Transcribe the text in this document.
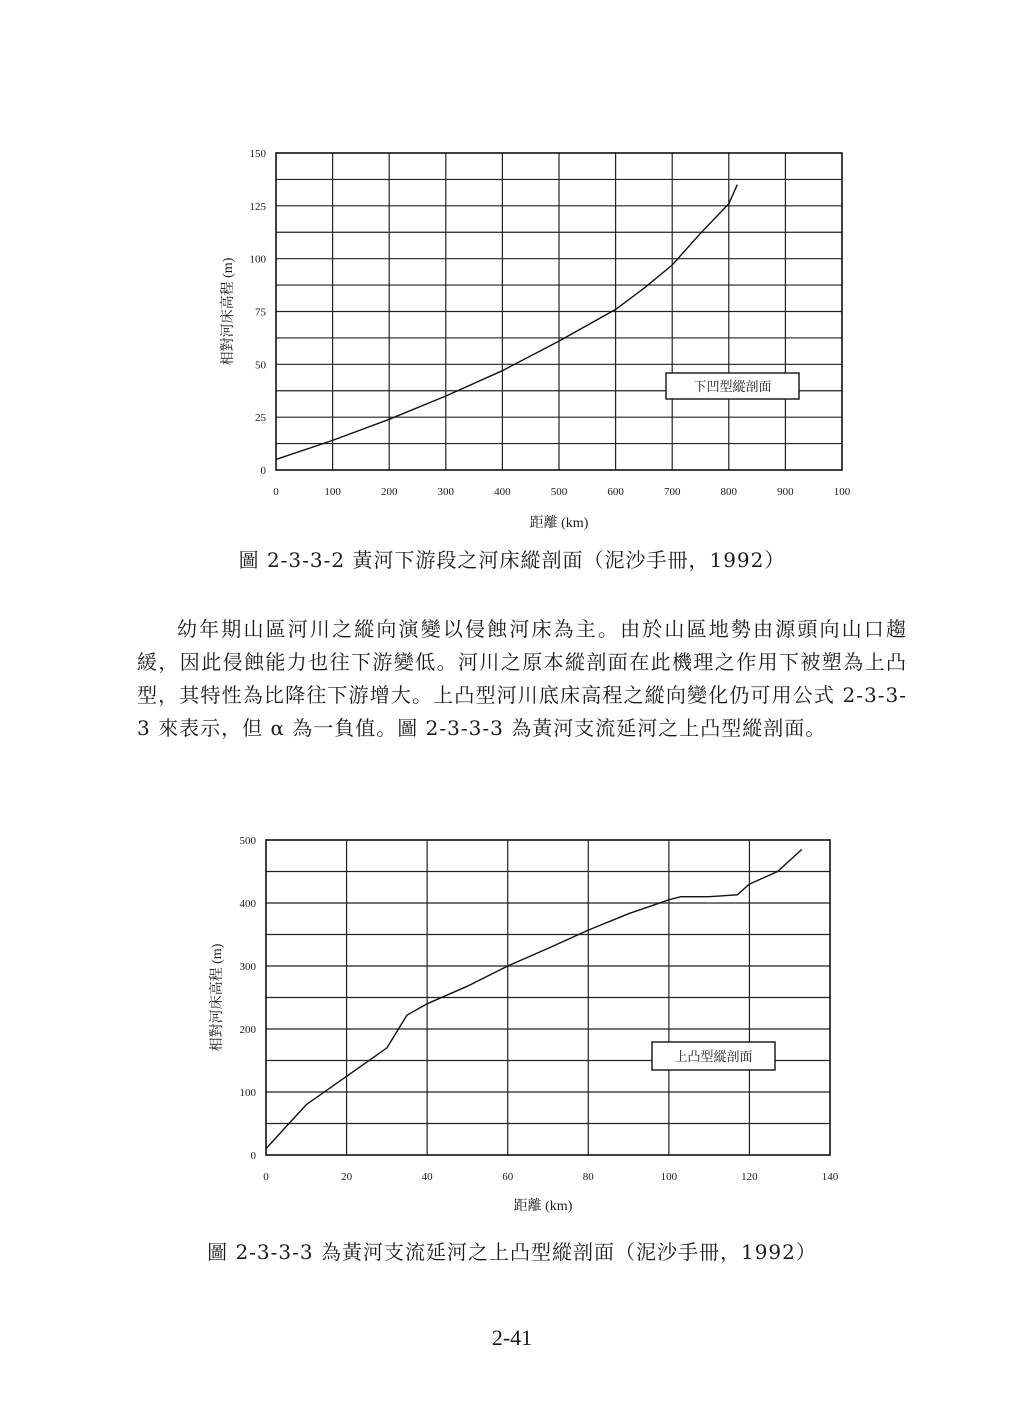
0	100	200	300	400	500	600	700	800	900	100
0
25
50
75
100
125
150
距離 (km)
相對河床高程 (m)
下凹型縱剖面
圖 2-3-3-2 黃河下游段之河床縱剖面（泥沙手冊，1992）

幼年期山區河川之縱向演變以侵蝕河床為主。由於山區地勢由源頭向山口趨緩，因此侵蝕能力也往下游變低。河川之原本縱剖面在此機理之作用下被塑為上凸型，其特性為比降往下游增大。上凸型河川底床高程之縱向變化仍可用公式 2-3-3-3 來表示，但 α 為一負值。圖 2-3-3-3 為黃河支流延河之上凸型縱剖面。

0	20	40	60	80	100	120	140
0
100
200
300
400
500
距離 (km)
相對河床高程 (m)
上凸型縱剖面
圖 2-3-3-3 為黃河支流延河之上凸型縱剖面（泥沙手冊，1992）
2-41
